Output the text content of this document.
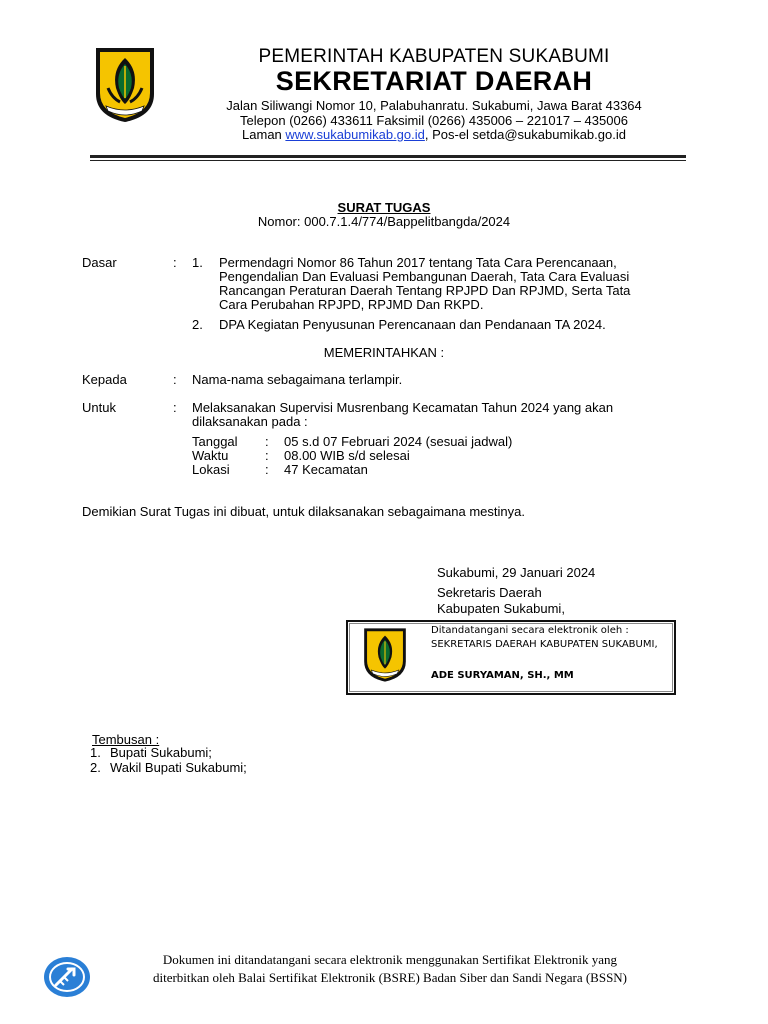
PEMERINTAH KABUPATEN SUKABUMI
SEKRETARIAT DAERAH
Jalan Siliwangi Nomor 10, Palabuhanratu. Sukabumi, Jawa Barat 43364
Telepon (0266) 433611 Faksimil (0266) 435006 – 221017 – 435006
Laman www.sukabumikab.go.id, Pos-el setda@sukabumikab.go.id
SURAT TUGAS
Nomor: 000.7.1.4/774/Bappelitbangda/2024
Dasar	: 1. Permendagri Nomor 86 Tahun 2017 tentang Tata Cara Perencanaan,
Pengendalian Dan Evaluasi Pembangunan Daerah, Tata Cara Evaluasi
Rancangan Peraturan Daerah Tentang RPJPD Dan RPJMD, Serta Tata
Cara Perubahan RPJPD, RPJMD Dan RKPD.
2. DPA Kegiatan Penyusunan Perencanaan dan Pendanaan TA 2024.
MEMERINTAHKAN :
Kepada	: Nama-nama sebagaimana terlampir.
Untuk	: Melaksanakan Supervisi Musrenbang Kecamatan Tahun 2024 yang akan
dilaksanakan pada :
Tanggal : 05 s.d 07 Februari 2024 (sesuai jadwal)
Waktu	: 08.00 WIB s/d selesai
Lokasi	: 47 Kecamatan
Demikian Surat Tugas ini dibuat, untuk dilaksanakan sebagaimana mestinya.
Sukabumi, 29 Januari 2024
Sekretaris Daerah
Kabupaten Sukabumi,
Ditandatangani secara elektronik oleh :
SEKRETARIS DAERAH KABUPATEN SUKABUMI,
ADE SURYAMAN, SH., MM
Tembusan :
1. Bupati Sukabumi;
2. Wakil Bupati Sukabumi;
Dokumen ini ditandatangani secara elektronik menggunakan Sertifikat Elektronik yang
diterbitkan oleh Balai Sertifikat Elektronik (BSRE) Badan Siber dan Sandi Negara (BSSN)
